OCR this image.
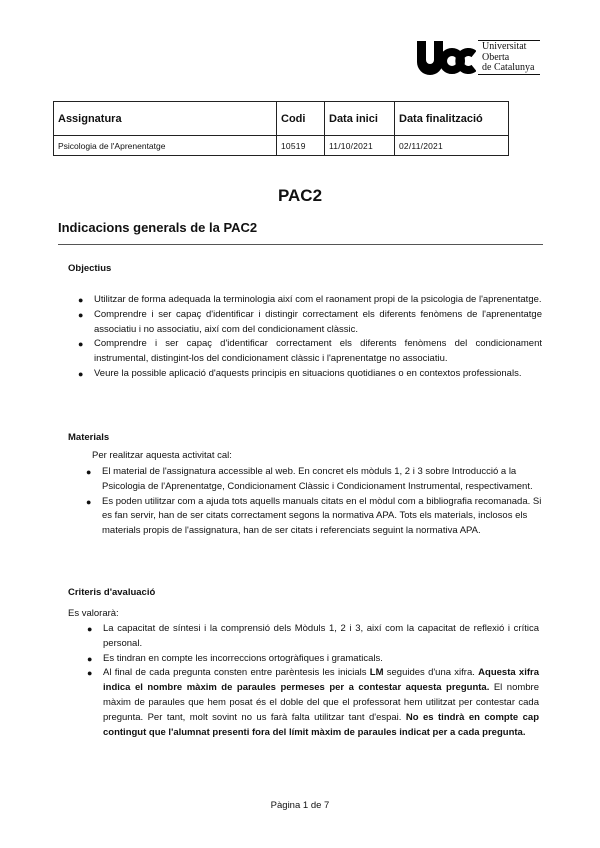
Universitat
Oberta
de Catalunya
Assignatura	Codi	Data inici	Data finalització
Psicologia de l'Aprenentatge	10519	11/10/2021	02/11/2021
PAC2
Indicacions generals de la PAC2
Objectius
● Utilitzar de forma adequada la terminologia així com el raonament propi de la psicologia de l'aprenentatge.
● Comprendre i ser capaç d'identificar i distingir correctament els diferents fenòmens de l'aprenentatge associatiu i no associatiu, així com del condicionament clàssic.
● Comprendre i ser capaç d'identificar correctament els diferents fenòmens del condicionament instrumental, distingint-los del condicionament clàssic i l'aprenentatge no associatiu.
● Veure la possible aplicació d'aquests principis en situacions quotidianes o en contextos professionals.
Materials
Per realitzar aquesta activitat cal:
● El material de l'assignatura accessible al web. En concret els mòduls 1, 2 i 3 sobre Introducció a la Psicologia de l'Aprenentatge, Condicionament Clàssic i Condicionament Instrumental, respectivament.
● Es poden utilitzar com a ajuda tots aquells manuals citats en el mòdul com a bibliografia recomanada. Si es fan servir, han de ser citats correctament segons la normativa APA. Tots els materials, inclosos els materials propis de l'assignatura, han de ser citats i referenciats seguint la normativa APA.
Criteris d'avaluació
Es valorarà:
● La capacitat de síntesi i la comprensió dels Mòduls 1, 2 i 3, així com la capacitat de reflexió i crítica personal.
● Es tindran en compte les incorreccions ortogràfiques i gramaticals.
● Al final de cada pregunta consten entre parèntesis les inicials LM seguides d'una xifra. Aquesta xifra indica el nombre màxim de paraules permeses per a contestar aquesta pregunta. El nombre màxim de paraules que hem posat és el doble del que el professorat hem utilitzat per contestar cada pregunta. Per tant, molt sovint no us farà falta utilitzar tant d'espai. No es tindrà en compte cap contingut que l'alumnat presenti fora del límit màxim de paraules indicat per a cada pregunta.
Pàgina 1 de 7
